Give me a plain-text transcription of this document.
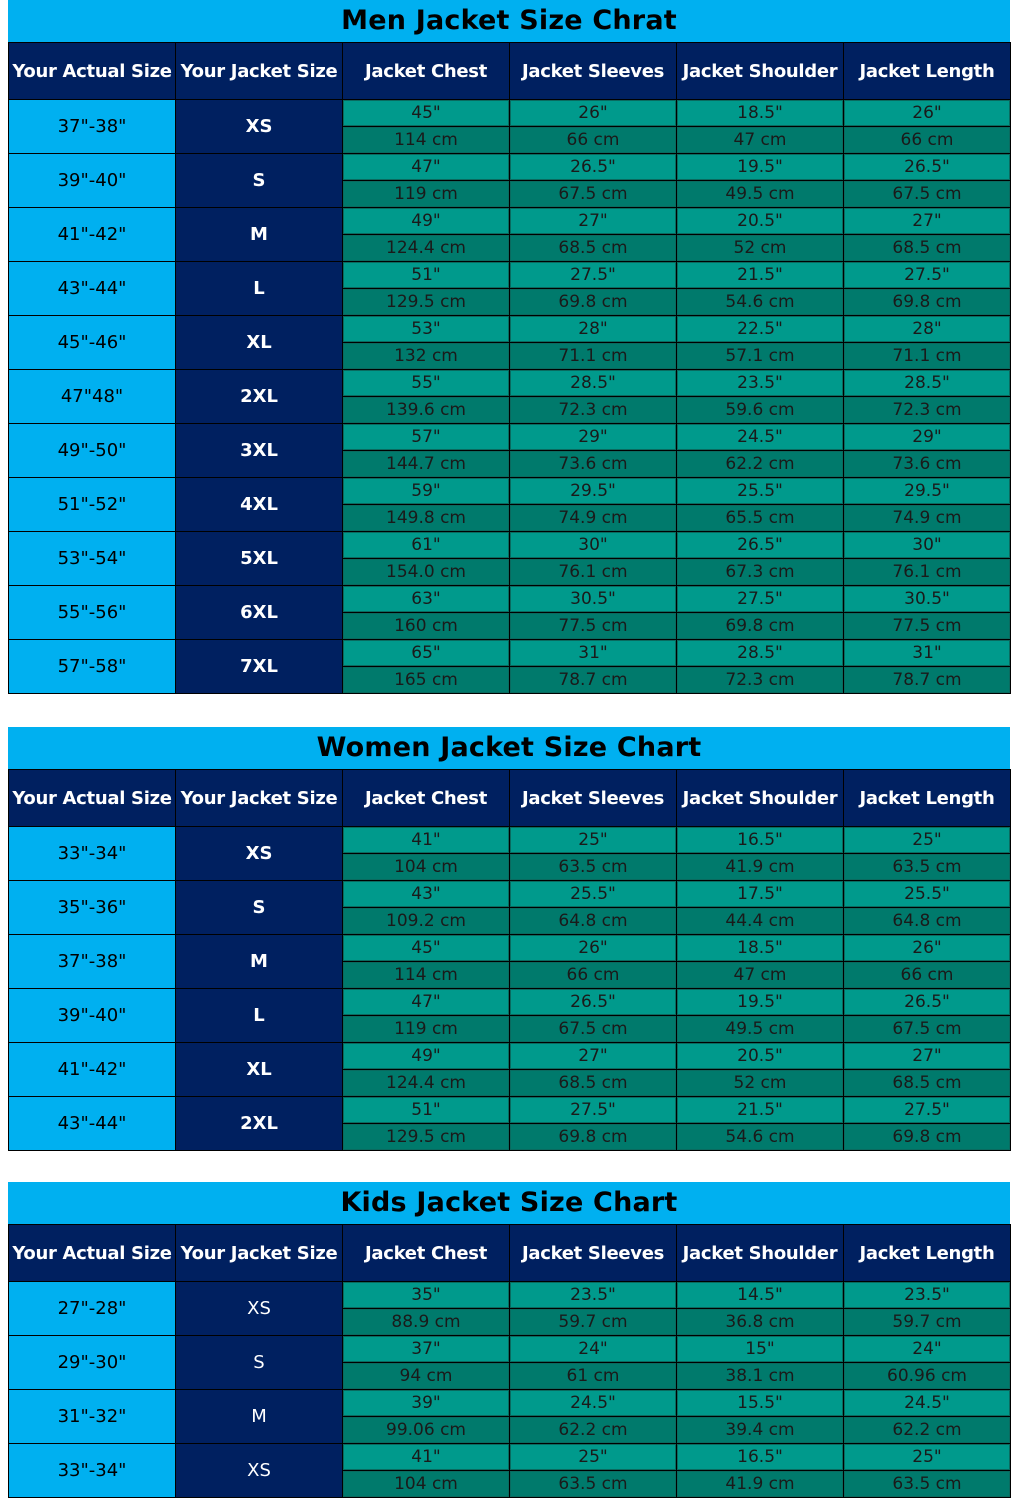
Men Jacket Size Chrat
Your Actual Size	Your Jacket Size	Jacket Chest	Jacket Sleeves	Jacket Shoulder	Jacket Length
37"-38"	XS	45"	26"	18.5"	26"
		114 cm	66 cm	47 cm	66 cm
39"-40"	S	47"	26.5"	19.5"	26.5"
		119 cm	67.5 cm	49.5 cm	67.5 cm
41"-42"	M	49"	27"	20.5"	27"
		124.4 cm	68.5 cm	52 cm	68.5 cm
43"-44"	L	51"	27.5"	21.5"	27.5"
		129.5 cm	69.8 cm	54.6 cm	69.8 cm
45"-46"	XL	53"	28"	22.5"	28"
		132 cm	71.1 cm	57.1 cm	71.1 cm
47"48"	2XL	55"	28.5"	23.5"	28.5"
		139.6 cm	72.3 cm	59.6 cm	72.3 cm
49"-50"	3XL	57"	29"	24.5"	29"
		144.7 cm	73.6 cm	62.2 cm	73.6 cm
51"-52"	4XL	59"	29.5"	25.5"	29.5"
		149.8 cm	74.9 cm	65.5 cm	74.9 cm
53"-54"	5XL	61"	30"	26.5"	30"
		154.0 cm	76.1 cm	67.3 cm	76.1 cm
55"-56"	6XL	63"	30.5"	27.5"	30.5"
		160 cm	77.5 cm	69.8 cm	77.5 cm
57"-58"	7XL	65"	31"	28.5"	31"
		165 cm	78.7 cm	72.3 cm	78.7 cm
Women Jacket Size Chart
Your Actual Size	Your Jacket Size	Jacket Chest	Jacket Sleeves	Jacket Shoulder	Jacket Length
33"-34"	XS	41"	25"	16.5"	25"
		104 cm	63.5 cm	41.9 cm	63.5 cm
35"-36"	S	43"	25.5"	17.5"	25.5"
		109.2 cm	64.8 cm	44.4 cm	64.8 cm
37"-38"	M	45"	26"	18.5"	26"
		114 cm	66 cm	47 cm	66 cm
39"-40"	L	47"	26.5"	19.5"	26.5"
		119 cm	67.5 cm	49.5 cm	67.5 cm
41"-42"	XL	49"	27"	20.5"	27"
		124.4 cm	68.5 cm	52 cm	68.5 cm
43"-44"	2XL	51"	27.5"	21.5"	27.5"
		129.5 cm	69.8 cm	54.6 cm	69.8 cm
Kids Jacket Size Chart
Your Actual Size	Your Jacket Size	Jacket Chest	Jacket Sleeves	Jacket Shoulder	Jacket Length
27"-28"	XS	35"	23.5"	14.5"	23.5"
		88.9 cm	59.7 cm	36.8 cm	59.7 cm
29"-30"	S	37"	24"	15"	24"
		94 cm	61 cm	38.1 cm	60.96 cm
31"-32"	M	39"	24.5"	15.5"	24.5"
		99.06 cm	62.2 cm	39.4 cm	62.2 cm
33"-34"	XS	41"	25"	16.5"	25"
		104 cm	63.5 cm	41.9 cm	63.5 cm
